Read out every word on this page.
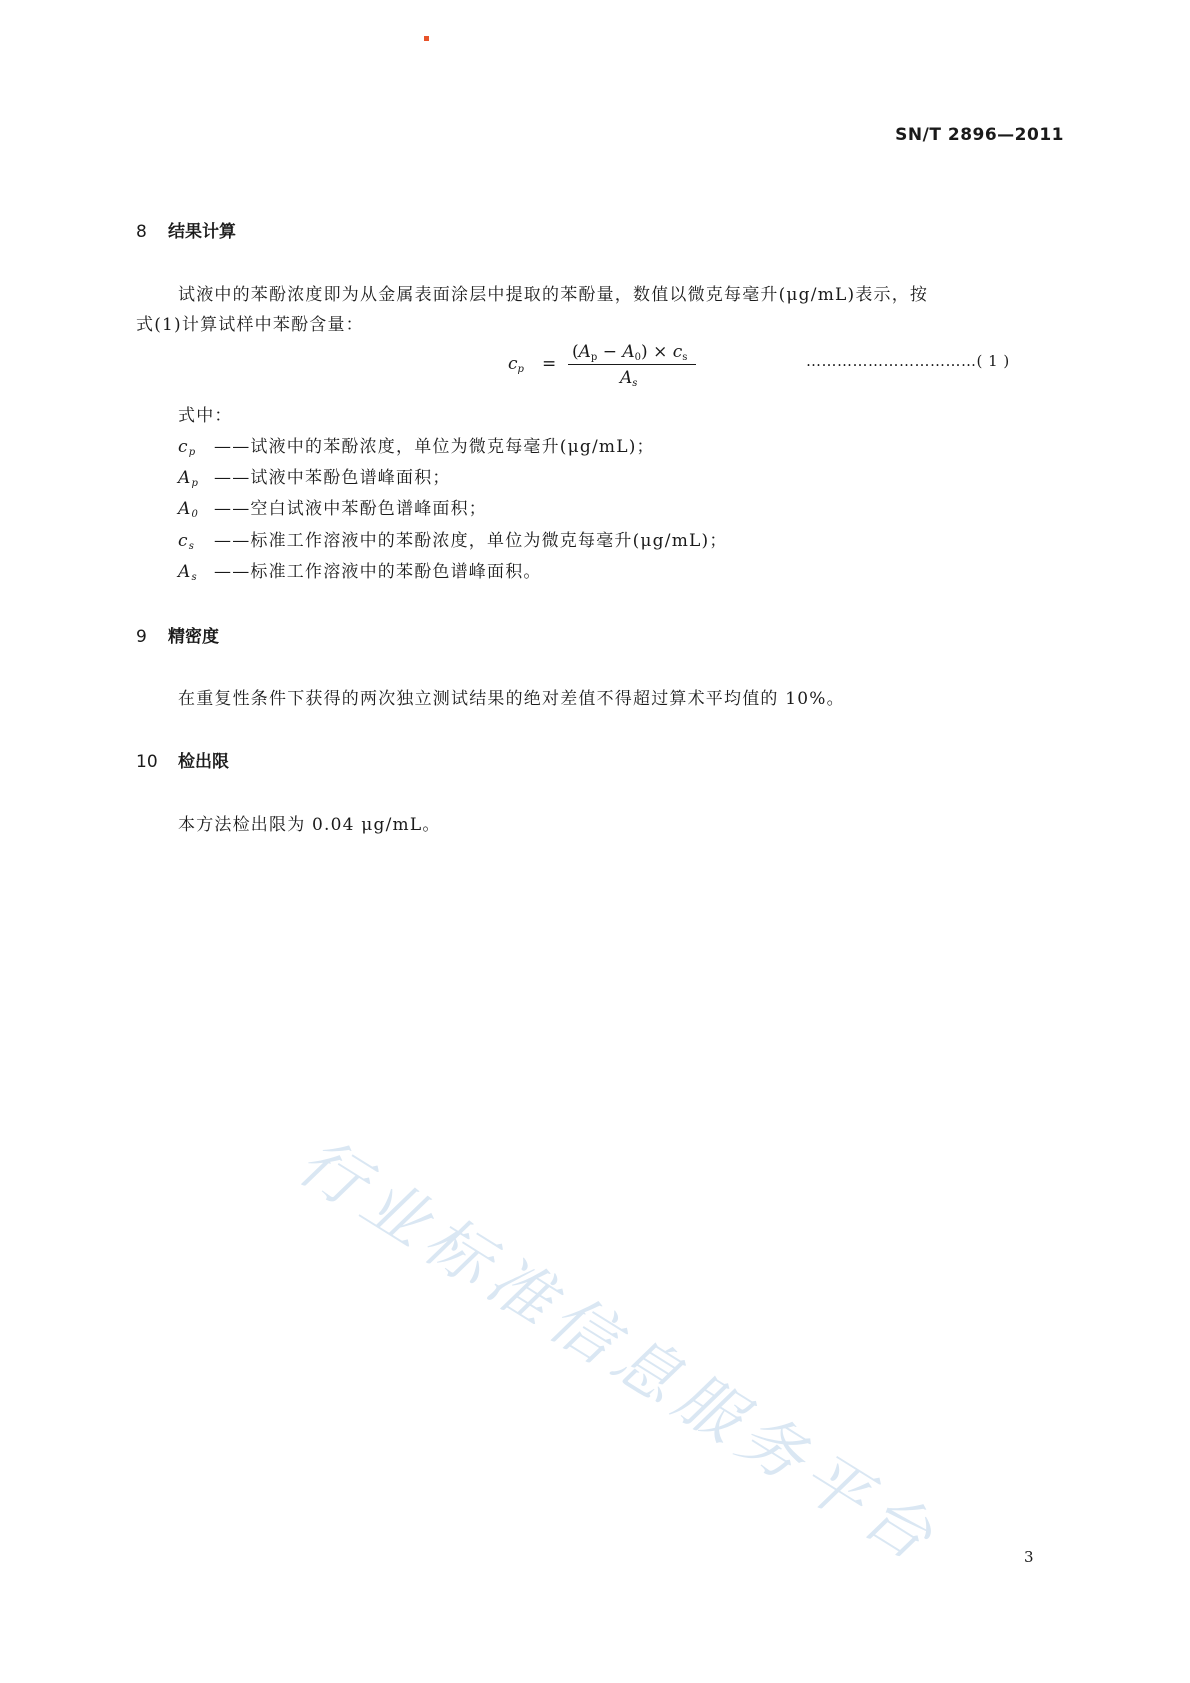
SN/T 2896—2011
8 结果计算
试液中的苯酚浓度即为从金属表面涂层中提取的苯酚量，数值以微克每毫升(μg/mL)表示，按
式(1)计算试样中苯酚含量：
$c_p$ =
$(A_p - A_0) \times c_s$
$A_s$
……………………………( 1 )
式中：
$c_p$ ——试液中的苯酚浓度，单位为微克每毫升(μg/mL)；
$A_p$ ——试液中苯酚色谱峰面积；
$A_0$ ——空白试液中苯酚色谱峰面积；
$c_s$ ——标准工作溶液中的苯酚浓度，单位为微克每毫升(μg/mL)；
$A_s$ ——标准工作溶液中的苯酚色谱峰面积。
9 精密度
在重复性条件下获得的两次独立测试结果的绝对差值不得超过算术平均值的 10%。
10 检出限
本方法检出限为 0.04 μg/mL。
行业标准信息服务平台	3
